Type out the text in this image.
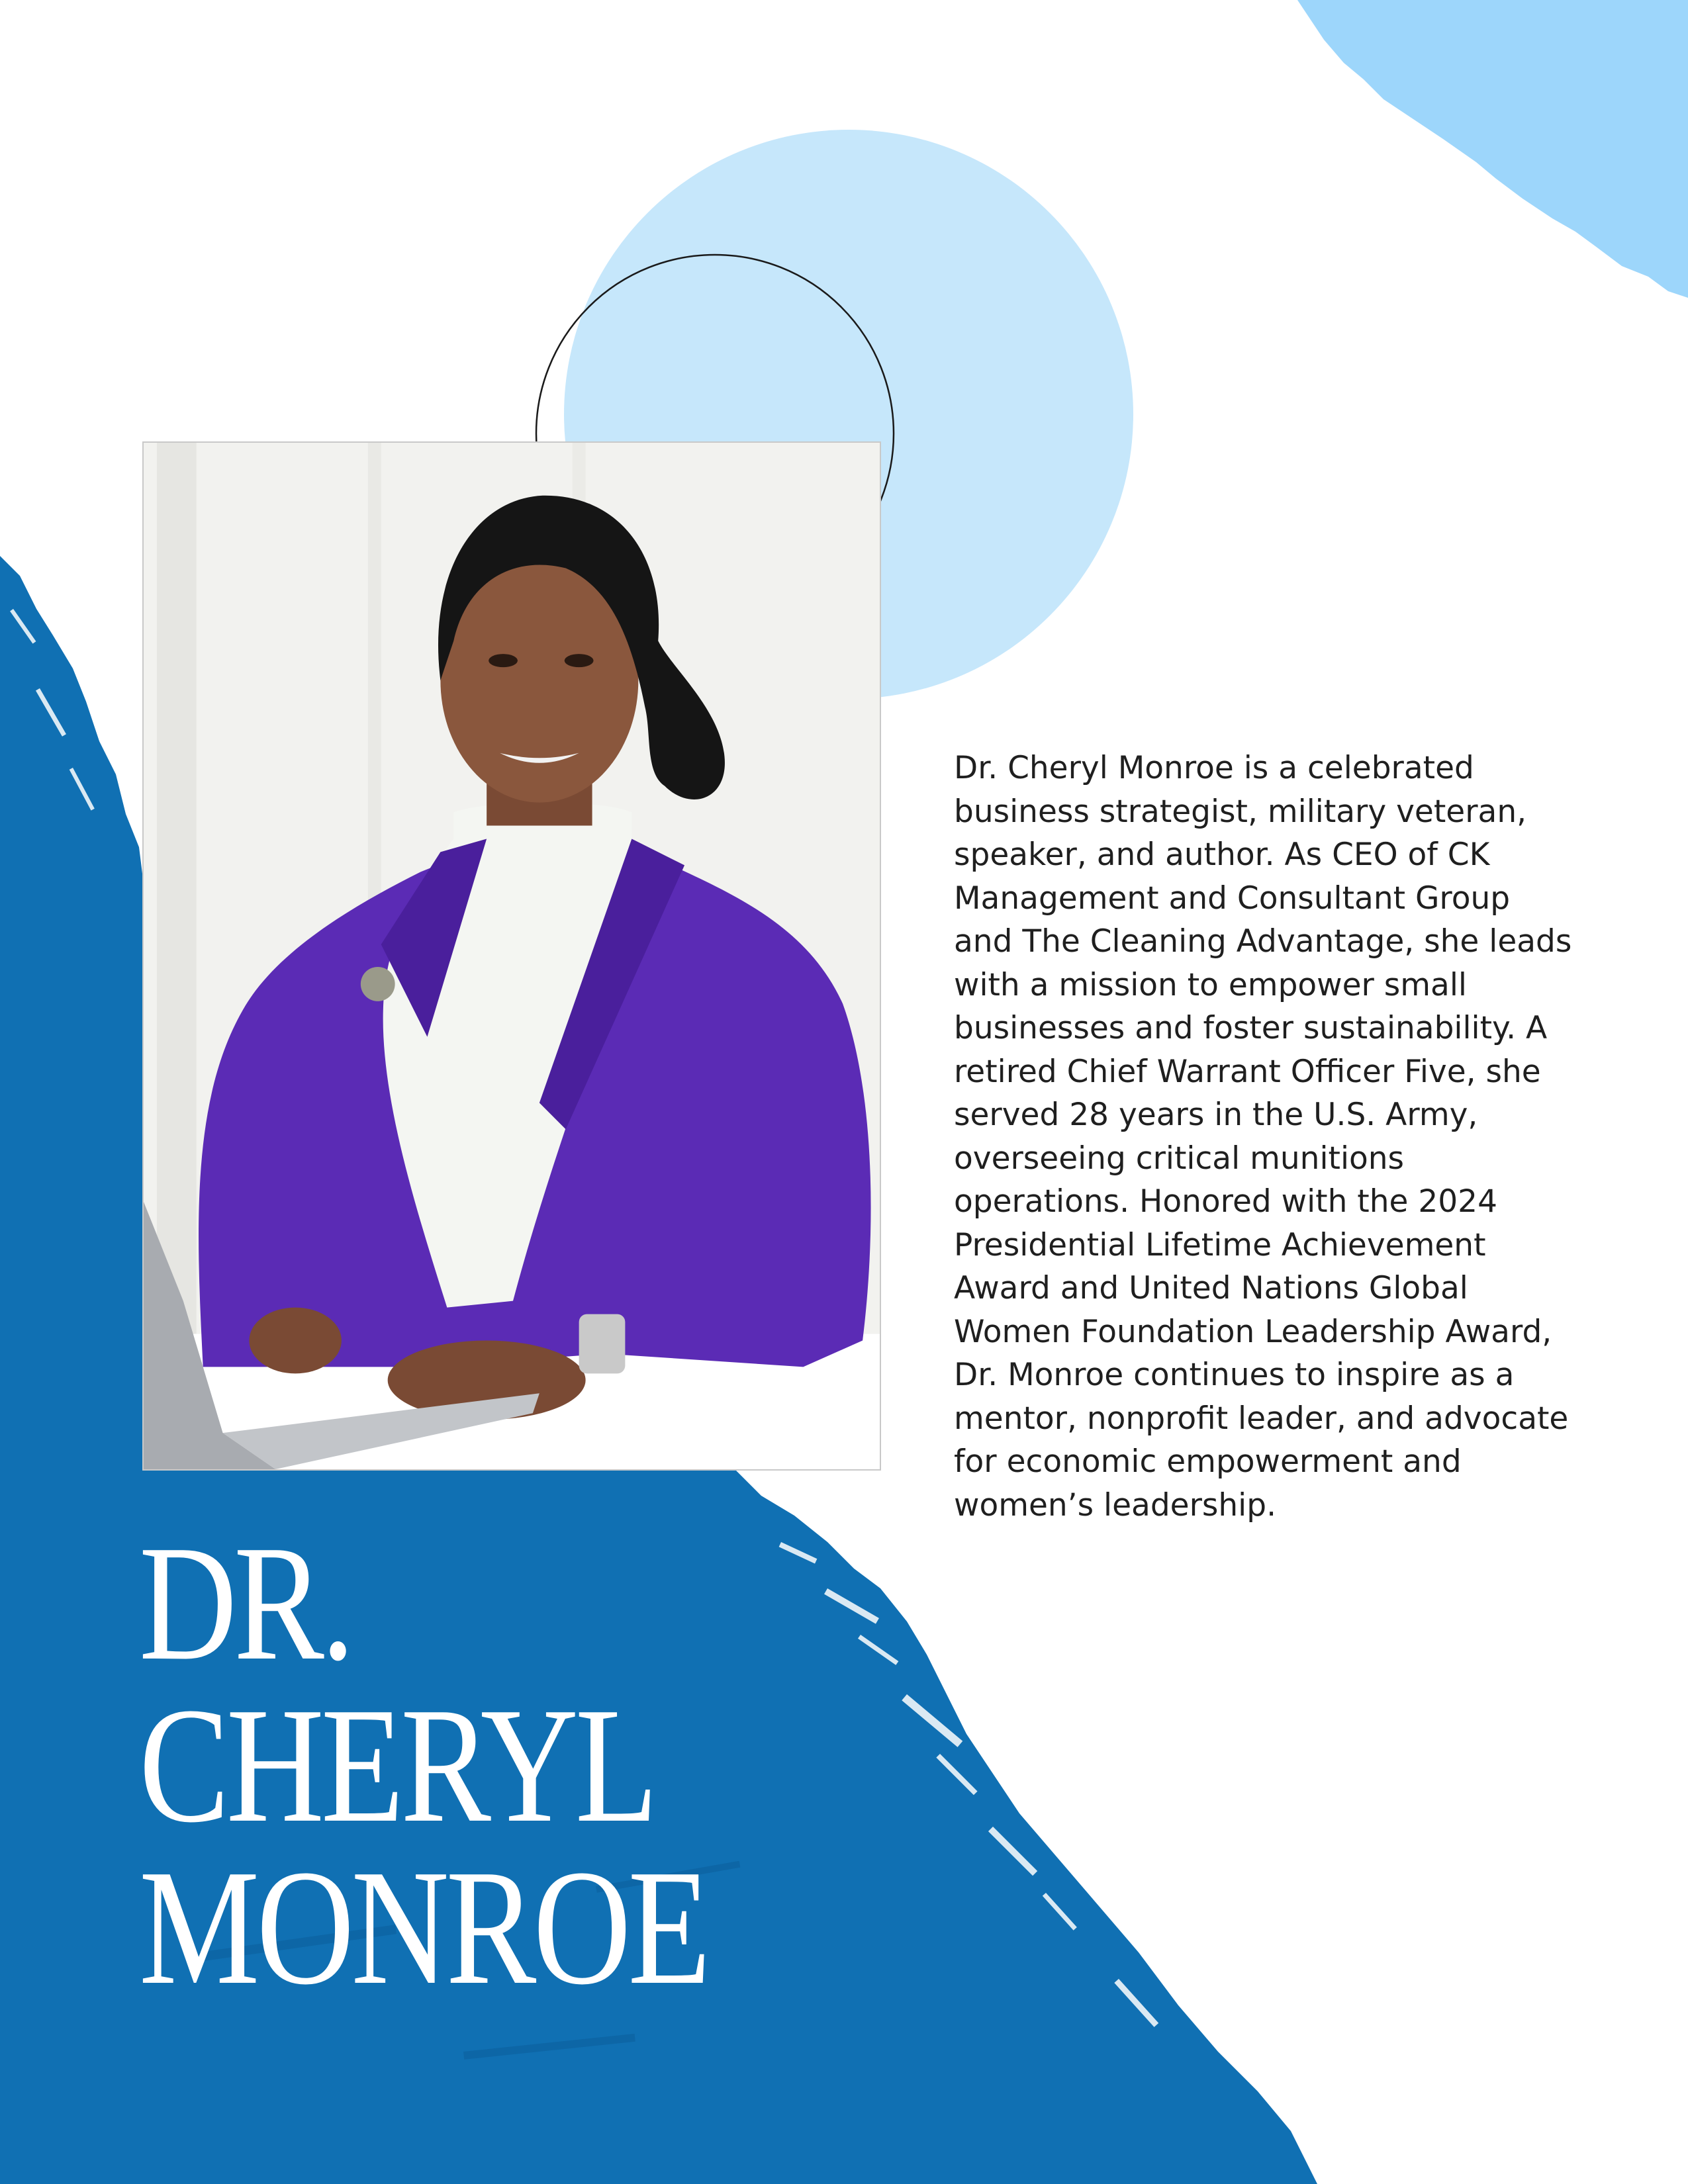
Dr. Cheryl Monroe is a celebrated business strategist, military veteran, speaker, and author. As CEO of CK Management and Consultant Group and The Cleaning Advantage, she leads with a mission to empower small businesses and foster sustainability. A retired Chief Warrant Officer Five, she served 28 years in the U.S. Army, overseeing critical munitions operations. Honored with the 2024 Presidential Lifetime Achievement Award and United Nations Global Women Foundation Leadership Award, Dr. Monroe continues to inspire as a mentor, nonprofit leader, and advocate for economic empowerment and women’s leadership.

DR.
CHERYL
MONROE
